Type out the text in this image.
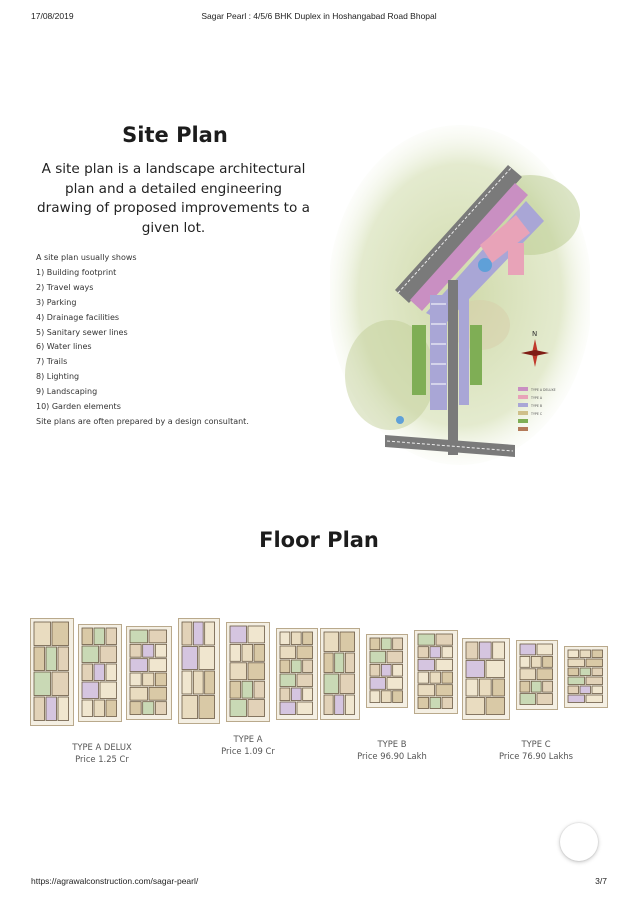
17/08/2019	Sagar Pearl : 4/5/6 BHK Duplex in Hoshangabad Road Bhopal
Site Plan

A site plan is a landscape architectural plan and a detailed engineering drawing of proposed improvements to a given lot.

A site plan usually shows
1) Building footprint
2) Travel ways
3) Parking
4) Drainage facilities
5) Sanitary sewer lines
6) Water lines
7) Trails
8) Lighting
9) Landscaping
10) Garden elements
Site plans are often prepared by a design consultant.
N
TYPE A DELUXE
TYPE A
TYPE B
TYPE C
Floor Plan
TYPE A DELUX
Price 1.25 Cr
TYPE A
Price 1.09 Cr
TYPE B
Price 96.90 Lakh
TYPE C
Price 76.90 Lakhs
https://agrawalconstruction.com/sagar-pearl/	3/7
